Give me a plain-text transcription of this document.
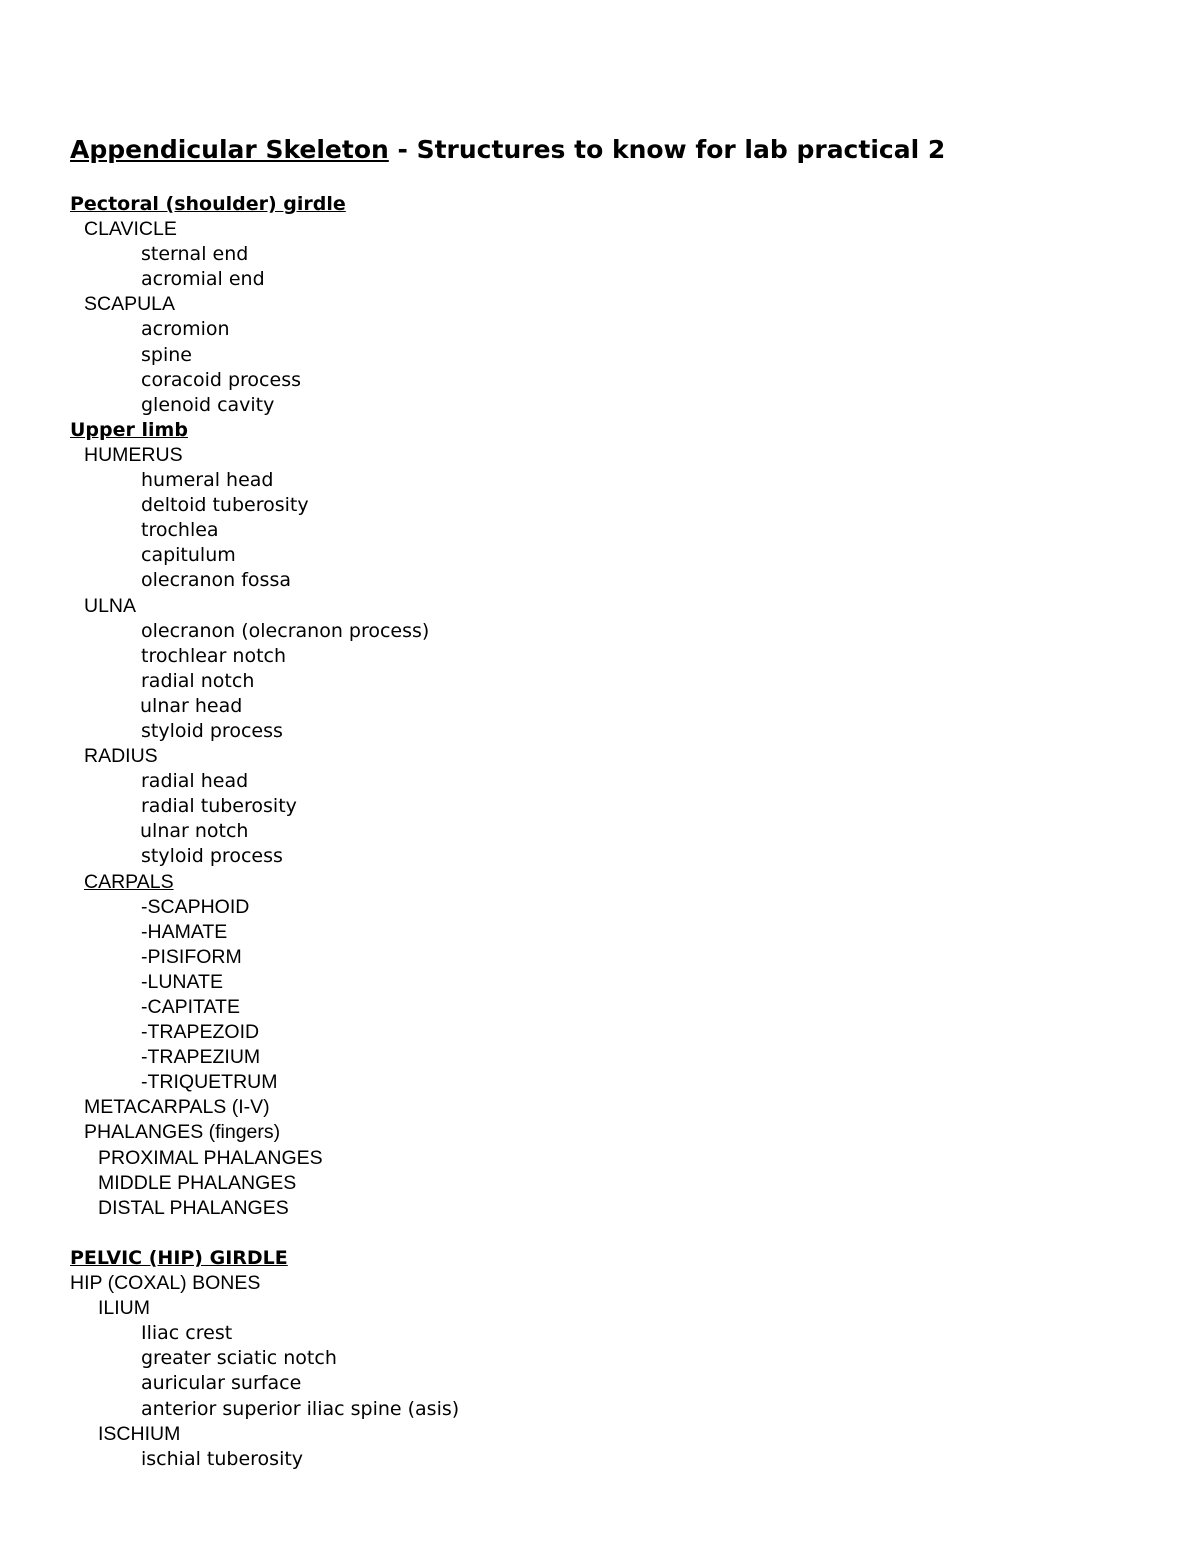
Appendicular Skeleton - Structures to know for lab practical 2
Pectoral (shoulder) girdle
CLAVICLE
sternal end
acromial end
SCAPULA
acromion
spine
coracoid process
glenoid cavity
Upper limb
HUMERUS
humeral head
deltoid tuberosity
trochlea
capitulum
olecranon fossa
ULNA
olecranon (olecranon process)
trochlear notch
radial notch
ulnar head
styloid process
RADIUS
radial head
radial tuberosity
ulnar notch
styloid process
CARPALS
-SCAPHOID
-HAMATE
-PISIFORM
-LUNATE
-CAPITATE
-TRAPEZOID
-TRAPEZIUM
-TRIQUETRUM
METACARPALS (I-V)
PHALANGES (fingers)
PROXIMAL PHALANGES
MIDDLE PHALANGES
DISTAL PHALANGES
PELVIC (HIP) GIRDLE
HIP (COXAL) BONES
ILIUM
Iliac crest
greater sciatic notch
auricular surface
anterior superior iliac spine (asis)
ISCHIUM
ischial tuberosity
